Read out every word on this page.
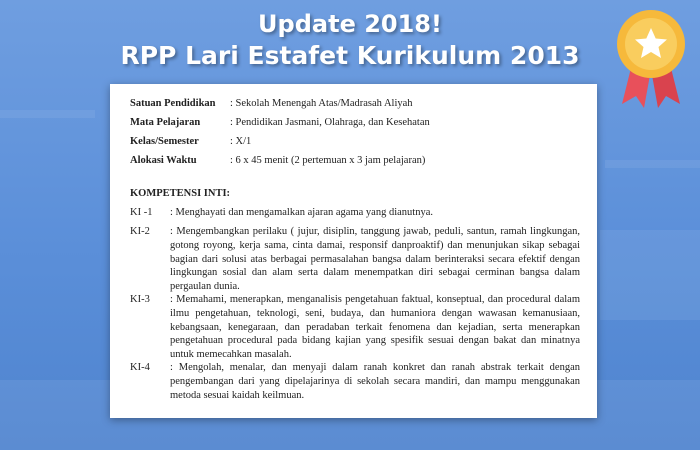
Update 2018!
RPP Lari Estafet Kurikulum 2013
Satuan Pendidikan	: Sekolah Menengah Atas/Madrasah Aliyah
Mata Pelajaran	: Pendidikan Jasmani, Olahraga, dan Kesehatan
Kelas/Semester	: X/1
Alokasi Waktu	: 6 x 45 menit (2 pertemuan x 3 jam pelajaran)
KOMPETENSI INTI:
KI -1	: Menghayati dan mengamalkan ajaran agama yang dianutnya.
KI-2	: Mengembangkan perilaku ( jujur, disiplin, tanggung jawab, peduli, santun, ramah lingkungan, gotong royong, kerja sama, cinta damai, responsif danproaktif) dan menunjukan sikap sebagai bagian dari solusi atas berbagai permasalahan bangsa dalam berinteraksi secara efektif dengan lingkungan sosial dan alam serta dalam menempatkan diri sebagai cerminan bangsa dalam pergaulan dunia.
KI-3	: Memahami, menerapkan, menganalisis pengetahuan faktual, konseptual, dan procedural dalam ilmu pengetahuan, teknologi, seni, budaya, dan humaniora dengan wawasan kemanusiaan, kebangsaan, kenegaraan, dan peradaban terkait fenomena dan kejadian, serta menerapkan pengetahuan procedural pada bidang kajian yang spesifik sesuai dengan bakat dan minatnya untuk memecahkan masalah.
KI-4	: Mengolah, menalar, dan menyaji dalam ranah konkret dan ranah abstrak terkait dengan pengembangan dari yang dipelajarinya di sekolah secara mandiri, dan mampu menggunakan metoda sesuai kaidah keilmuan.
